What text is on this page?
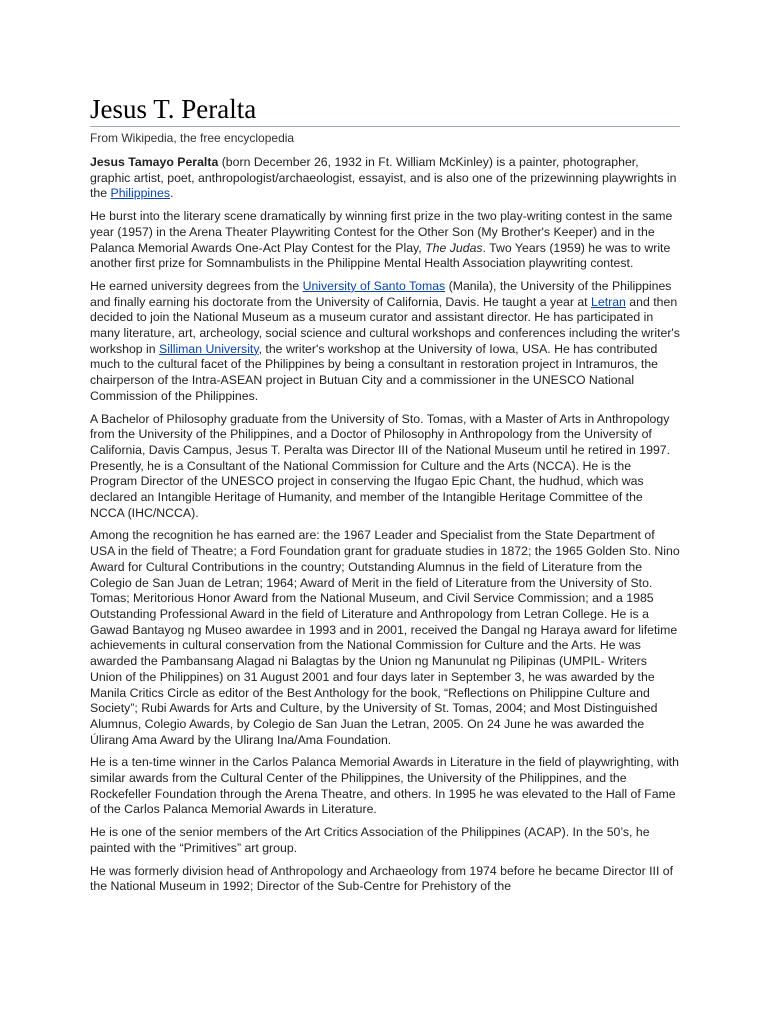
Jesus T. Peralta
From Wikipedia, the free encyclopedia

Jesus Tamayo Peralta (born December 26, 1932 in Ft. William McKinley) is a painter, photographer, graphic artist, poet, anthropologist/archaeologist, essayist, and is also one of the prizewinning playwrights in the Philippines.

He burst into the literary scene dramatically by winning first prize in the two play-writing contest in the same year (1957) in the Arena Theater Playwriting Contest for the Other Son (My Brother's Keeper) and in the Palanca Memorial Awards One-Act Play Contest for the Play, The Judas. Two Years (1959) he was to write another first prize for Somnambulists in the Philippine Mental Health Association playwriting contest.

He earned university degrees from the University of Santo Tomas (Manila), the University of the Philippines and finally earning his doctorate from the University of California, Davis. He taught a year at Letran and then decided to join the National Museum as a museum curator and assistant director. He has participated in many literature, art, archeology, social science and cultural workshops and conferences including the writer's workshop in Silliman University, the writer's workshop at the University of Iowa, USA. He has contributed much to the cultural facet of the Philippines by being a consultant in restoration project in Intramuros, the chairperson of the Intra-ASEAN project in Butuan City and a commissioner in the UNESCO National Commission of the Philippines.

A Bachelor of Philosophy graduate from the University of Sto. Tomas, with a Master of Arts in Anthropology from the University of the Philippines, and a Doctor of Philosophy in Anthropology from the University of California, Davis Campus, Jesus T. Peralta was Director III of the National Museum until he retired in 1997. Presently, he is a Consultant of the National Commission for Culture and the Arts (NCCA). He is the Program Director of the UNESCO project in conserving the Ifugao Epic Chant, the hudhud, which was declared an Intangible Heritage of Humanity, and member of the Intangible Heritage Committee of the NCCA (IHC/NCCA).

Among the recognition he has earned are: the 1967 Leader and Specialist from the State Department of USA in the field of Theatre; a Ford Foundation grant for graduate studies in 1872; the 1965 Golden Sto. Nino Award for Cultural Contributions in the country; Outstanding Alumnus in the field of Literature from the Colegio de San Juan de Letran; 1964; Award of Merit in the field of Literature from the University of Sto. Tomas; Meritorious Honor Award from the National Museum, and Civil Service Commission; and a 1985 Outstanding Professional Award in the field of Literature and Anthropology from Letran College. He is a Gawad Bantayog ng Museo awardee in 1993 and in 2001, received the Dangal ng Haraya award for lifetime achievements in cultural conservation from the National Commission for Culture and the Arts. He was awarded the Pambansang Alagad ni Balagtas by the Union ng Manunulat ng Pilipinas (UMPIL- Writers Union of the Philippines) on 31 August 2001 and four days later in September 3, he was awarded by the Manila Critics Circle as editor of the Best Anthology for the book, “Reflections on Philippine Culture and Society”; Rubi Awards for Arts and Culture, by the University of St. Tomas, 2004; and Most Distinguished Alumnus, Colegio Awards, by Colegio de San Juan the Letran, 2005. On 24 June he was awarded the Úlirang Ama Award by the Ulirang Ina/Ama Foundation.

He is a ten-time winner in the Carlos Palanca Memorial Awards in Literature in the field of playwrighting, with similar awards from the Cultural Center of the Philippines, the University of the Philippines, and the Rockefeller Foundation through the Arena Theatre, and others. In 1995 he was elevated to the Hall of Fame of the Carlos Palanca Memorial Awards in Literature.

He is one of the senior members of the Art Critics Association of the Philippines (ACAP). In the 50’s, he painted with the “Primitives” art group.

He was formerly division head of Anthropology and Archaeology from 1974 before he became Director III of the National Museum in 1992; Director of the Sub-Centre for Prehistory of the
